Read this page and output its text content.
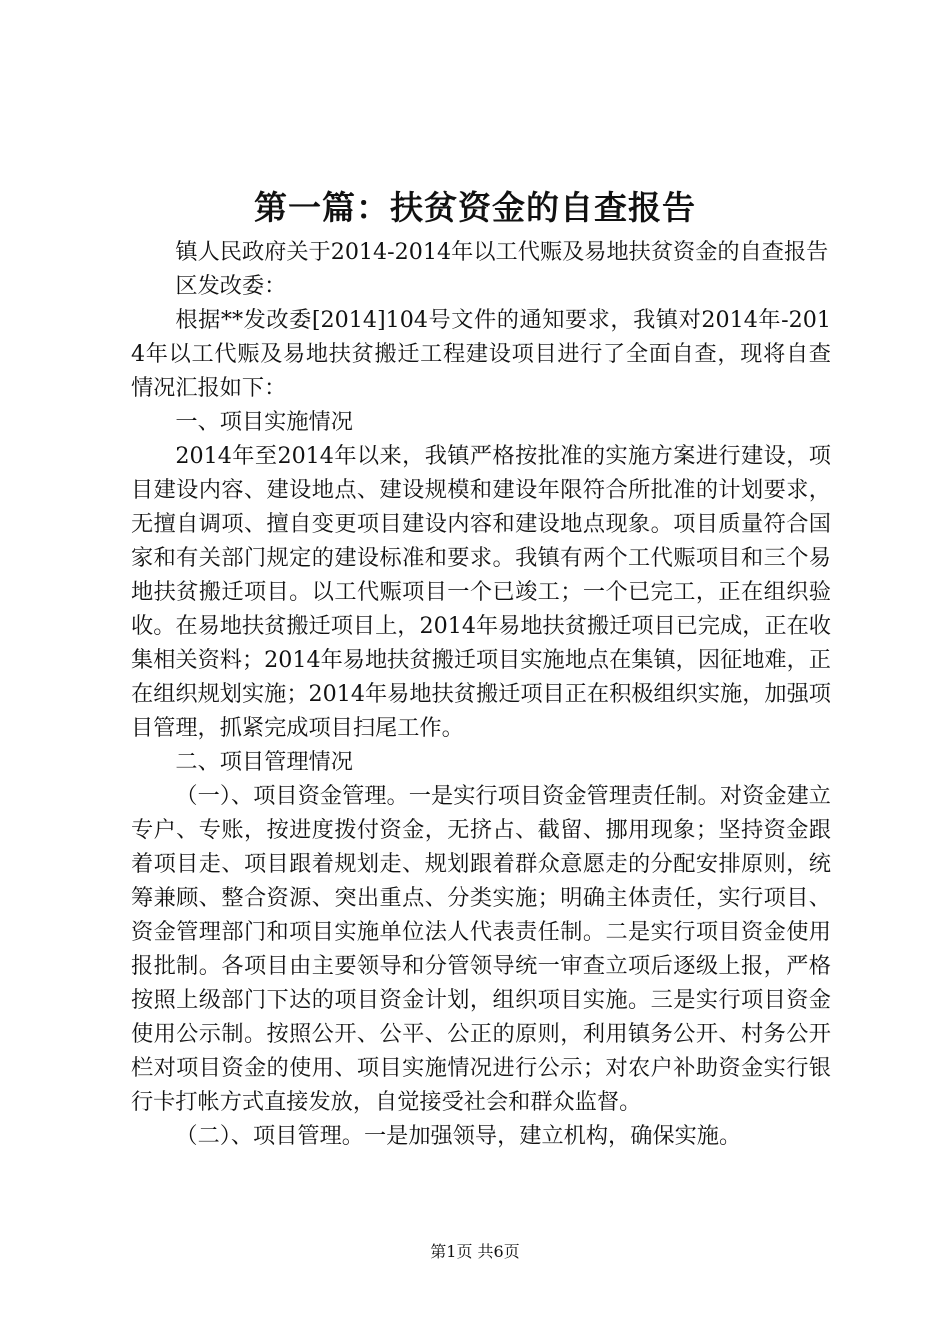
第一篇：扶贫资金的自查报告

镇人民政府关于2014-2014年以工代赈及易地扶贫资金的自查报告

区发改委：

根据**发改委[2014]104号文件的通知要求，我镇对2014年-2014年以工代赈及易地扶贫搬迁工程建设项目进行了全面自查，现将自查情况汇报如下：

一、项目实施情况

2014年至2014年以来，我镇严格按批准的实施方案进行建设，项目建设内容、建设地点、建设规模和建设年限符合所批准的计划要求，无擅自调项、擅自变更项目建设内容和建设地点现象。项目质量符合国家和有关部门规定的建设标准和要求。我镇有两个工代赈项目和三个易地扶贫搬迁项目。以工代赈项目一个已竣工；一个已完工，正在组织验收。在易地扶贫搬迁项目上，2014年易地扶贫搬迁项目已完成，正在收集相关资料；2014年易地扶贫搬迁项目实施地点在集镇，因征地难，正在组织规划实施；2014年易地扶贫搬迁项目正在积极组织实施，加强项目管理，抓紧完成项目扫尾工作。

二、项目管理情况

（一）、项目资金管理。一是实行项目资金管理责任制。对资金建立专户、专账，按进度拨付资金，无挤占、截留、挪用现象；坚持资金跟着项目走、项目跟着规划走、规划跟着群众意愿走的分配安排原则，统筹兼顾、整合资源、突出重点、分类实施；明确主体责任，实行项目、资金管理部门和项目实施单位法人代表责任制。二是实行项目资金使用报批制。各项目由主要领导和分管领导统一审查立项后逐级上报，严格按照上级部门下达的项目资金计划，组织项目实施。三是实行项目资金使用公示制。按照公开、公平、公正的原则，利用镇务公开、村务公开栏对项目资金的使用、项目实施情况进行公示；对农户补助资金实行银行卡打帐方式直接发放，自觉接受社会和群众监督。

（二）、项目管理。一是加强领导，建立机构，确保实施。

第1页 共6页
